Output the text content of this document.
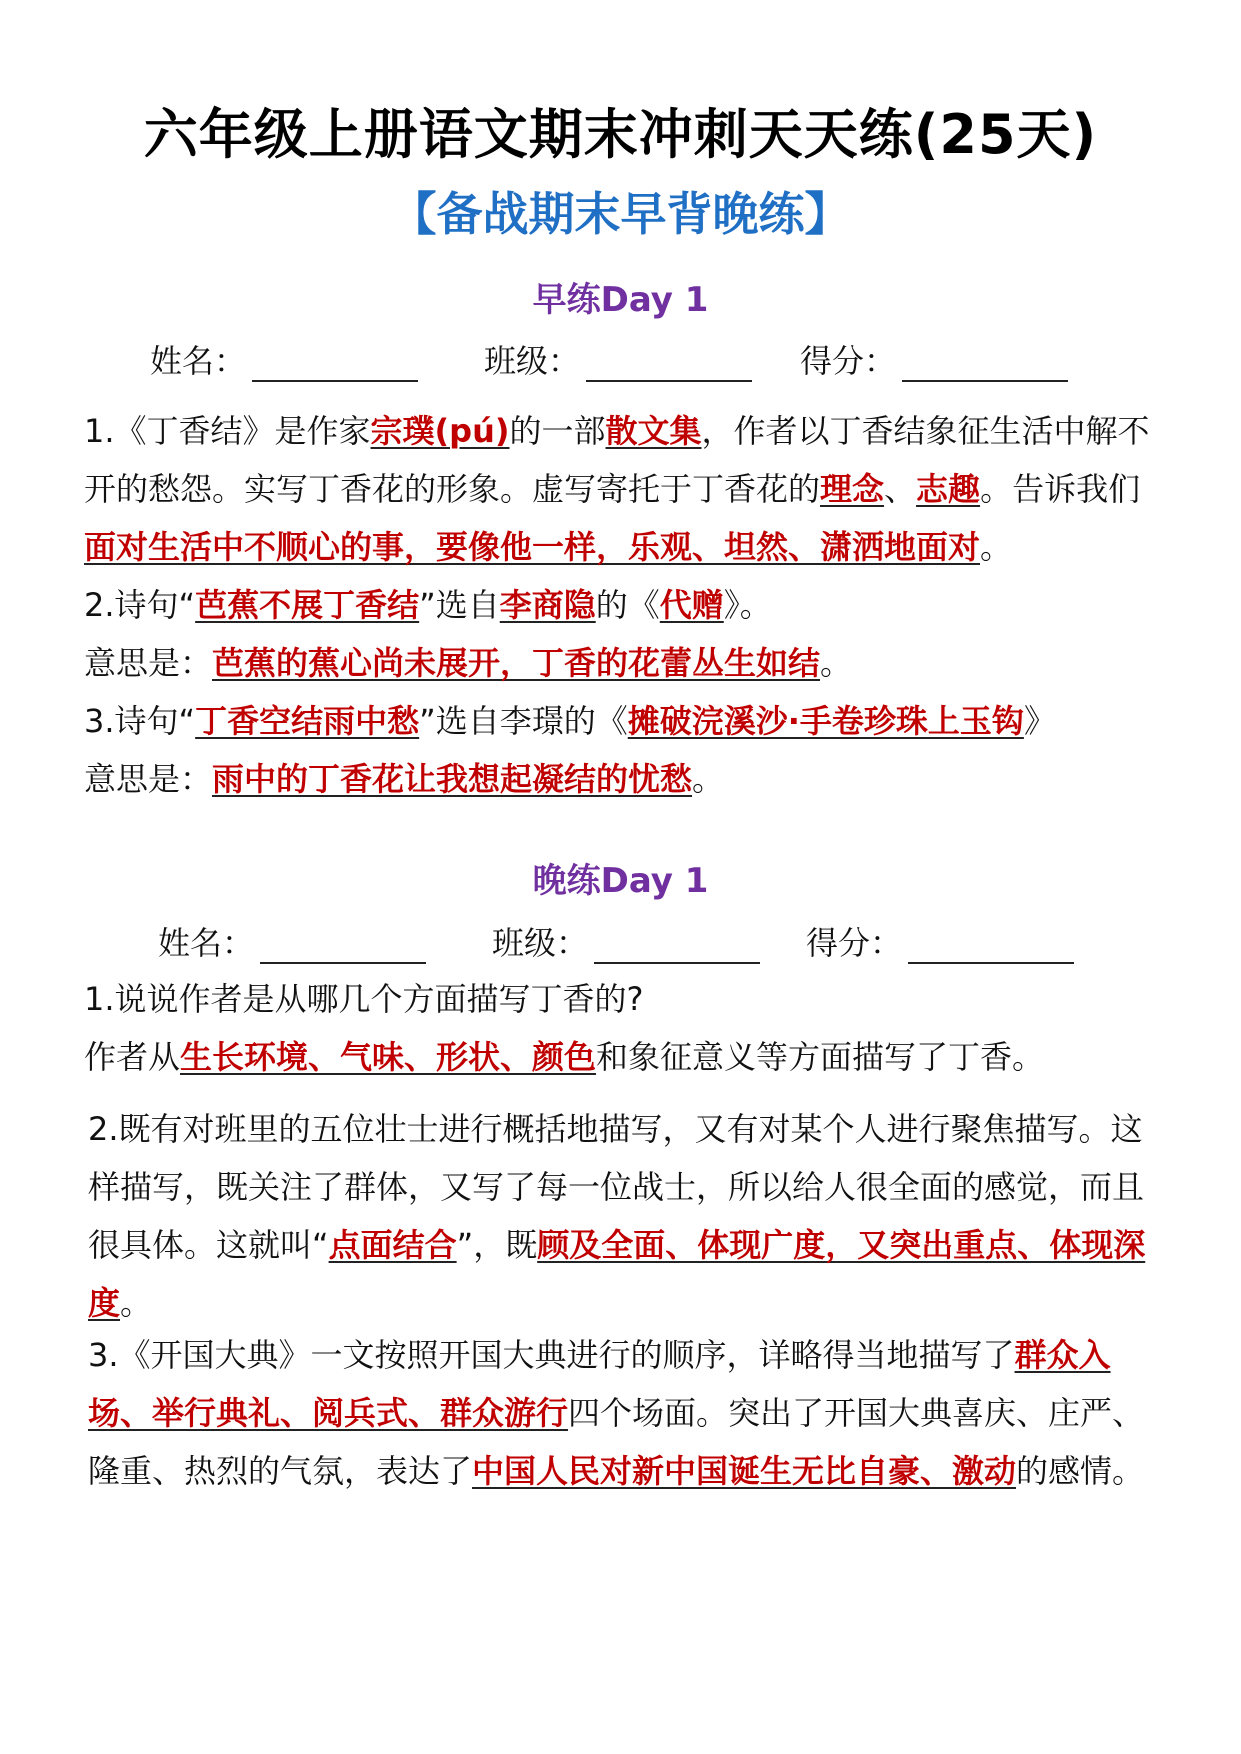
六年级上册语文期末冲刺天天练(25天)
【备战期末早背晚练】
早练Day 1
姓名：	班级：	得分：
1.《丁香结》是作家宗璞(pú)的一部散文集，作者以丁香结象征生活中解不开的愁怨。实写丁香花的形象。虚写寄托于丁香花的理念、志趣。告诉我们面对生活中不顺心的事，要像他一样，乐观、坦然、潇洒地面对。
2.诗句“芭蕉不展丁香结”选自李商隐的《代赠》。
意思是：芭蕉的蕉心尚未展开，丁香的花蕾丛生如结。
3.诗句“丁香空结雨中愁”选自李璟的《摊破浣溪沙·手卷珍珠上玉钩》
意思是：雨中的丁香花让我想起凝结的忧愁。
晚练Day 1
姓名：	班级：	得分：
1.说说作者是从哪几个方面描写丁香的?
作者从生长环境、气味、形状、颜色和象征意义等方面描写了丁香。
2.既有对班里的五位壮士进行概括地描写，又有对某个人进行聚焦描写。这样描写，既关注了群体，又写了每一位战士，所以给人很全面的感觉，而且很具体。这就叫“点面结合”，既顾及全面、体现广度，又突出重点、体现深度。
3.《开国大典》一文按照开国大典进行的顺序，详略得当地描写了群众入场、举行典礼、阅兵式、群众游行四个场面。突出了开国大典喜庆、庄严、隆重、热烈的气氛，表达了中国人民对新中国诞生无比自豪、激动的感情。
